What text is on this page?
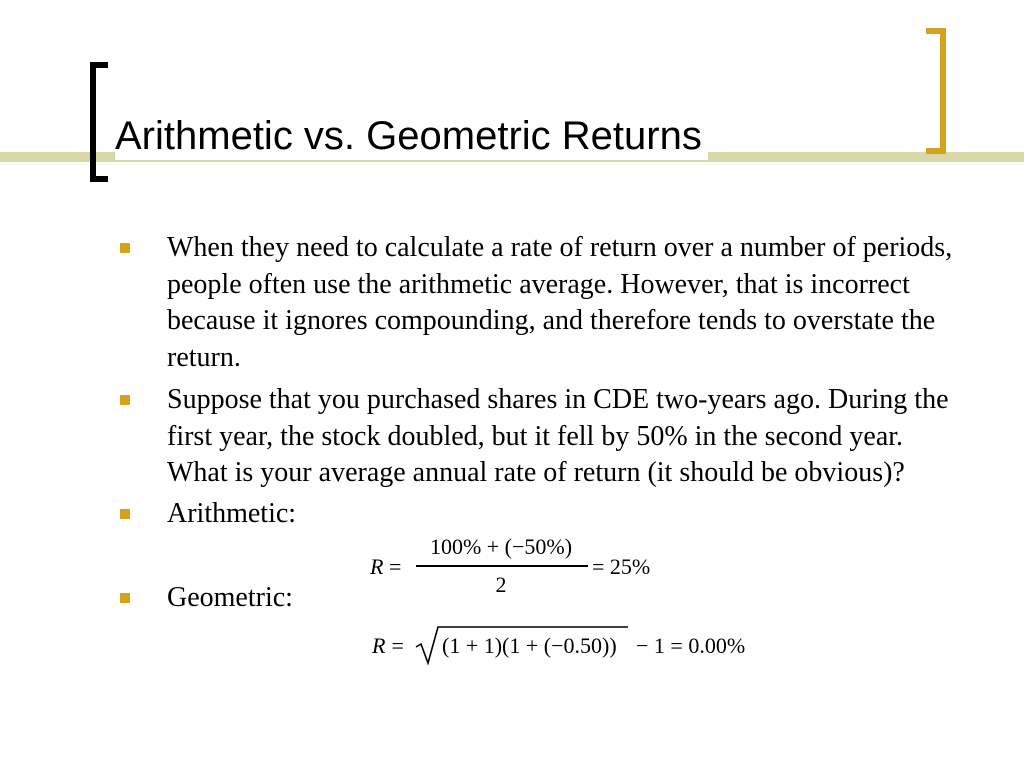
Arithmetic vs. Geometric Returns
When they need to calculate a rate of return over a number of periods, people often use the arithmetic average. However, that is incorrect because it ignores compounding, and therefore tends to overstate the return.
Suppose that you purchased shares in CDE two-years ago. During the first year, the stock doubled, but it fell by 50% in the second year. What is your average annual rate of return (it should be obvious)?
Arithmetic:
Geometric:
R =
100% + (−50%)
2
= 25%
R = (1 + 1)(1 + (−0.50)) − 1 = 0.00%
